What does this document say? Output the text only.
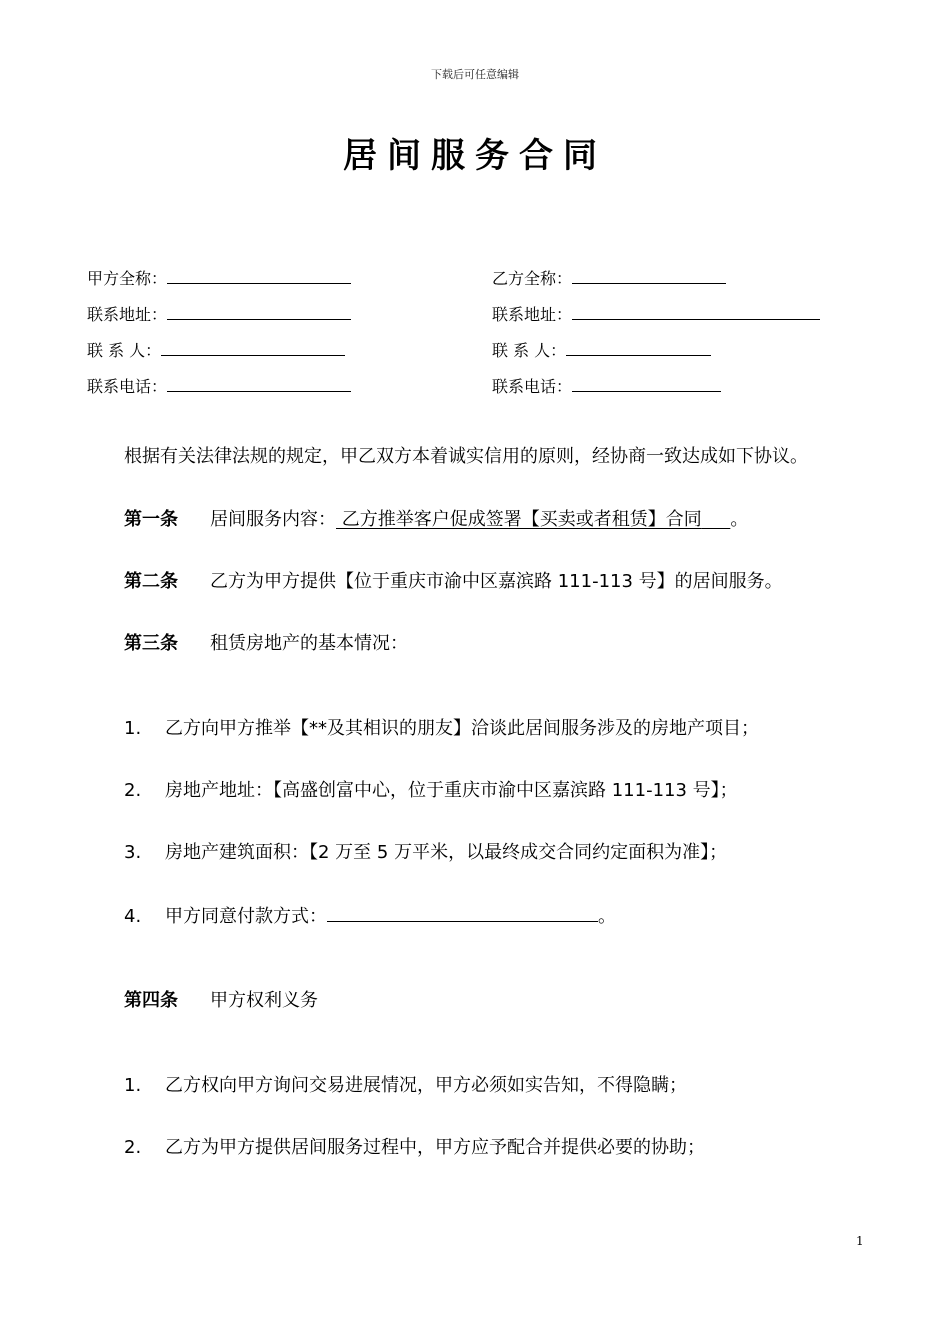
下载后可任意编辑
居间服务合同
甲方全称：
联系地址：
联 系 人：
联系电话：
乙方全称：
联系地址：
联 系 人：
联系电话：
根据有关法律法规的规定，甲乙双方本着诚实信用的原则，经协商一致达成如下协议。
第一条 居间服务内容： 乙方推举客户促成签署【买卖或者租赁】合同 。
第二条 乙方为甲方提供【位于重庆市渝中区嘉滨路 111-113 号】的居间服务。
第三条 租赁房地产的基本情况：
1. 乙方向甲方推举【**及其相识的朋友】洽谈此居间服务涉及的房地产项目；
2. 房地产地址：【高盛创富中心，位于重庆市渝中区嘉滨路 111-113 号】；
3. 房地产建筑面积：【2 万至 5 万平米，以最终成交合同约定面积为准】；
4. 甲方同意付款方式：	。
第四条 甲方权利义务
1. 乙方权向甲方询问交易进展情况，甲方必须如实告知，不得隐瞒；
2. 乙方为甲方提供居间服务过程中，甲方应予配合并提供必要的协助；
1
